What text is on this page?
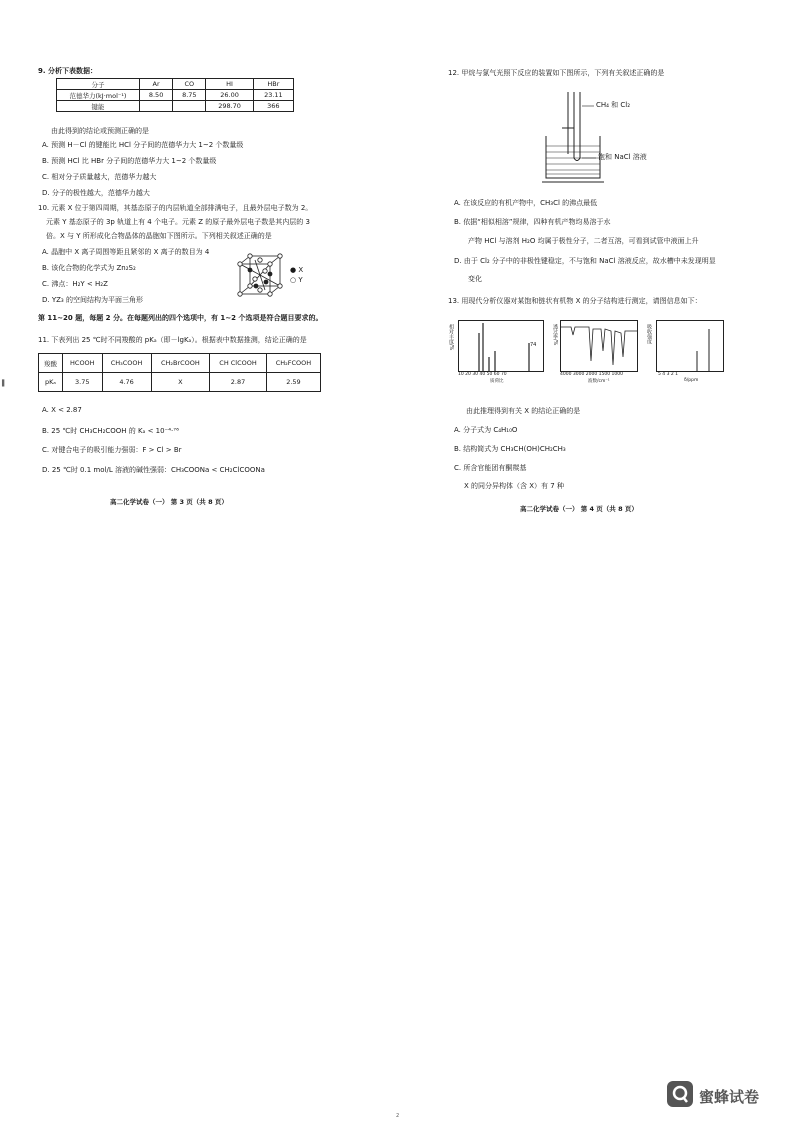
9. 分析下表数据：
分子	Ar	CO	HI	HBr
范德华力(kJ·mol⁻¹)	8.50	8.75	26.00	23.11
键能			298.70	366
由此得到的结论或预测正确的是
A. 预测 H－Cl 的键能比 HCl 分子间的范德华力大 1~2 个数量级
B. 预测 HCl 比 HBr 分子间的范德华力大 1~2 个数量级
C. 相对分子质量越大，范德华力越大
D. 分子的极性越大，范德华力越大
10. 元素 X 位于第四周期，其基态原子的内层轨道全部排满电子，且最外层电子数为 2。
元素 Y 基态原子的 3p 轨道上有 4 个电子。元素 Z 的原子最外层电子数是其内层的 3
倍。X 与 Y 所形成化合物晶体的晶胞如下图所示。下列相关叙述正确的是
A. 晶胞中 X 离子周围等距且紧邻的 X 离子的数目为 4
B. 该化合物的化学式为 Zn₂S₂
C. 沸点：H₂Y < H₂Z
D. YZ₃ 的空间结构为平面三角形
● X
○ Y
第 11~20 题，每题 2 分。在每题列出的四个选项中，有 1~2 个选项是符合题目要求的。
11. 下表列出 25 ℃时不同羧酸的 pKₐ（即－lgKₐ）。根据表中数据推测，结论正确的是
羧酸	HCOOH	CH₃COOH	CH₂BrCOOH	CH ClCOOH	CH₂FCOOH
pKₐ	3.75	4.76	X	2.87	2.59
A. X < 2.87
B. 25 ℃时 CH₃CH₂COOH 的 Kₐ < 10⁻⁴·⁷⁶
C. 对键合电子的吸引能力强弱：F > Cl > Br
D. 25 ℃时 0.1 mol/L 溶液的碱性强弱：CH₃COONa < CH₂ClCOONa
高二化学试卷（一） 第 3 页（共 8 页）
12. 甲烷与氯气光照下反应的装置如下图所示，下列有关叙述正确的是
CH₄ 和 Cl₂
饱和 NaCl 溶液
A. 在该反应的有机产物中，CH₃Cl 的沸点最低
B. 依据“相似相溶”规律，四种有机产物均易溶于水
产物 HCl 与溶剂 H₂O 均属于极性分子，二者互溶，可看到试管中液面上升
D. 由于 Cl₂ 分子中的非极性键稳定，不与饱和 NaCl 溶液反应，故水槽中未发现明显
变化
13. 用现代分析仪器对某饱和链状有机物 X 的分子结构进行测定，请图信息如下：
相对丰度/%
10 20 30 40 50 60 70
质荷比
74	透过率/%
4000 3000 2000 1500 1000
波数/cm⁻¹
吸收强度
5 4 3 2 1
δ/ppm
由此推理得到有关 X 的结论正确的是
A. 分子式为 C₄H₁₀O
B. 结构简式为 CH₃CH(OH)CH₂CH₃
C. 所含官能团有酮羰基
X 的同分异构体（含 X）有 7 种
高二化学试卷（一） 第 4 页（共 8 页）
▌
蜜蜂试卷
2
